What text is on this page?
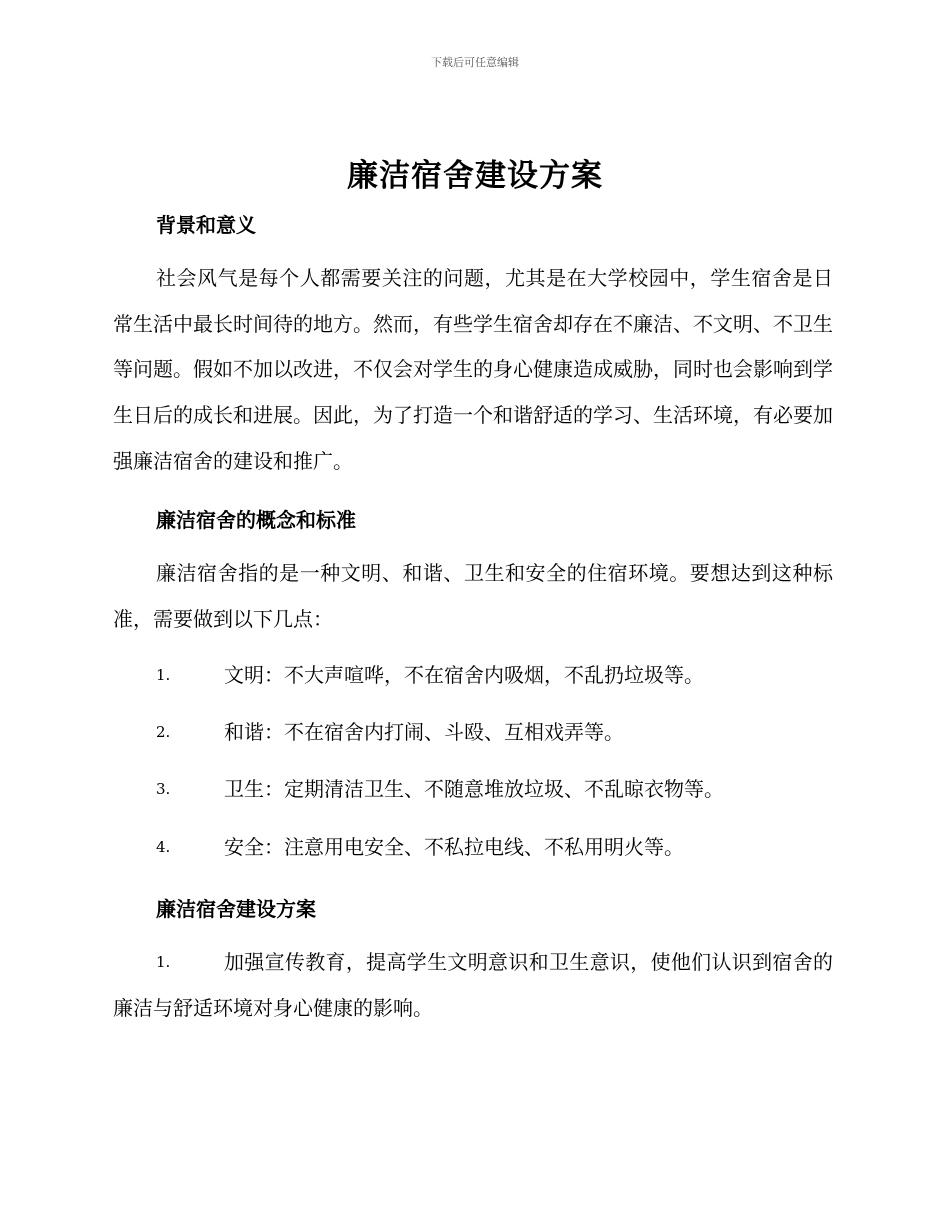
下载后可任意编辑
廉洁宿舍建设方案
背景和意义

社会风气是每个人都需要关注的问题，尤其是在大学校园中，学生宿舍是日常生活中最长时间待的地方。然而，有些学生宿舍却存在不廉洁、不文明、不卫生等问题。假如不加以改进，不仅会对学生的身心健康造成威胁，同时也会影响到学生日后的成长和进展。因此，为了打造一个和谐舒适的学习、生活环境，有必要加强廉洁宿舍的建设和推广。

廉洁宿舍的概念和标准

廉洁宿舍指的是一种文明、和谐、卫生和安全的住宿环境。要想达到这种标准，需要做到以下几点：

1.	文明：不大声喧哗，不在宿舍内吸烟，不乱扔垃圾等。
2.	和谐：不在宿舍内打闹、斗殴、互相戏弄等。
3.	卫生：定期清洁卫生、不随意堆放垃圾、不乱晾衣物等。
4.	安全：注意用电安全、不私拉电线、不私用明火等。
廉洁宿舍建设方案
1.	加强宣传教育，提高学生文明意识和卫生意识，使他们认识到宿舍的廉洁与舒适环境对身心健康的影响。
